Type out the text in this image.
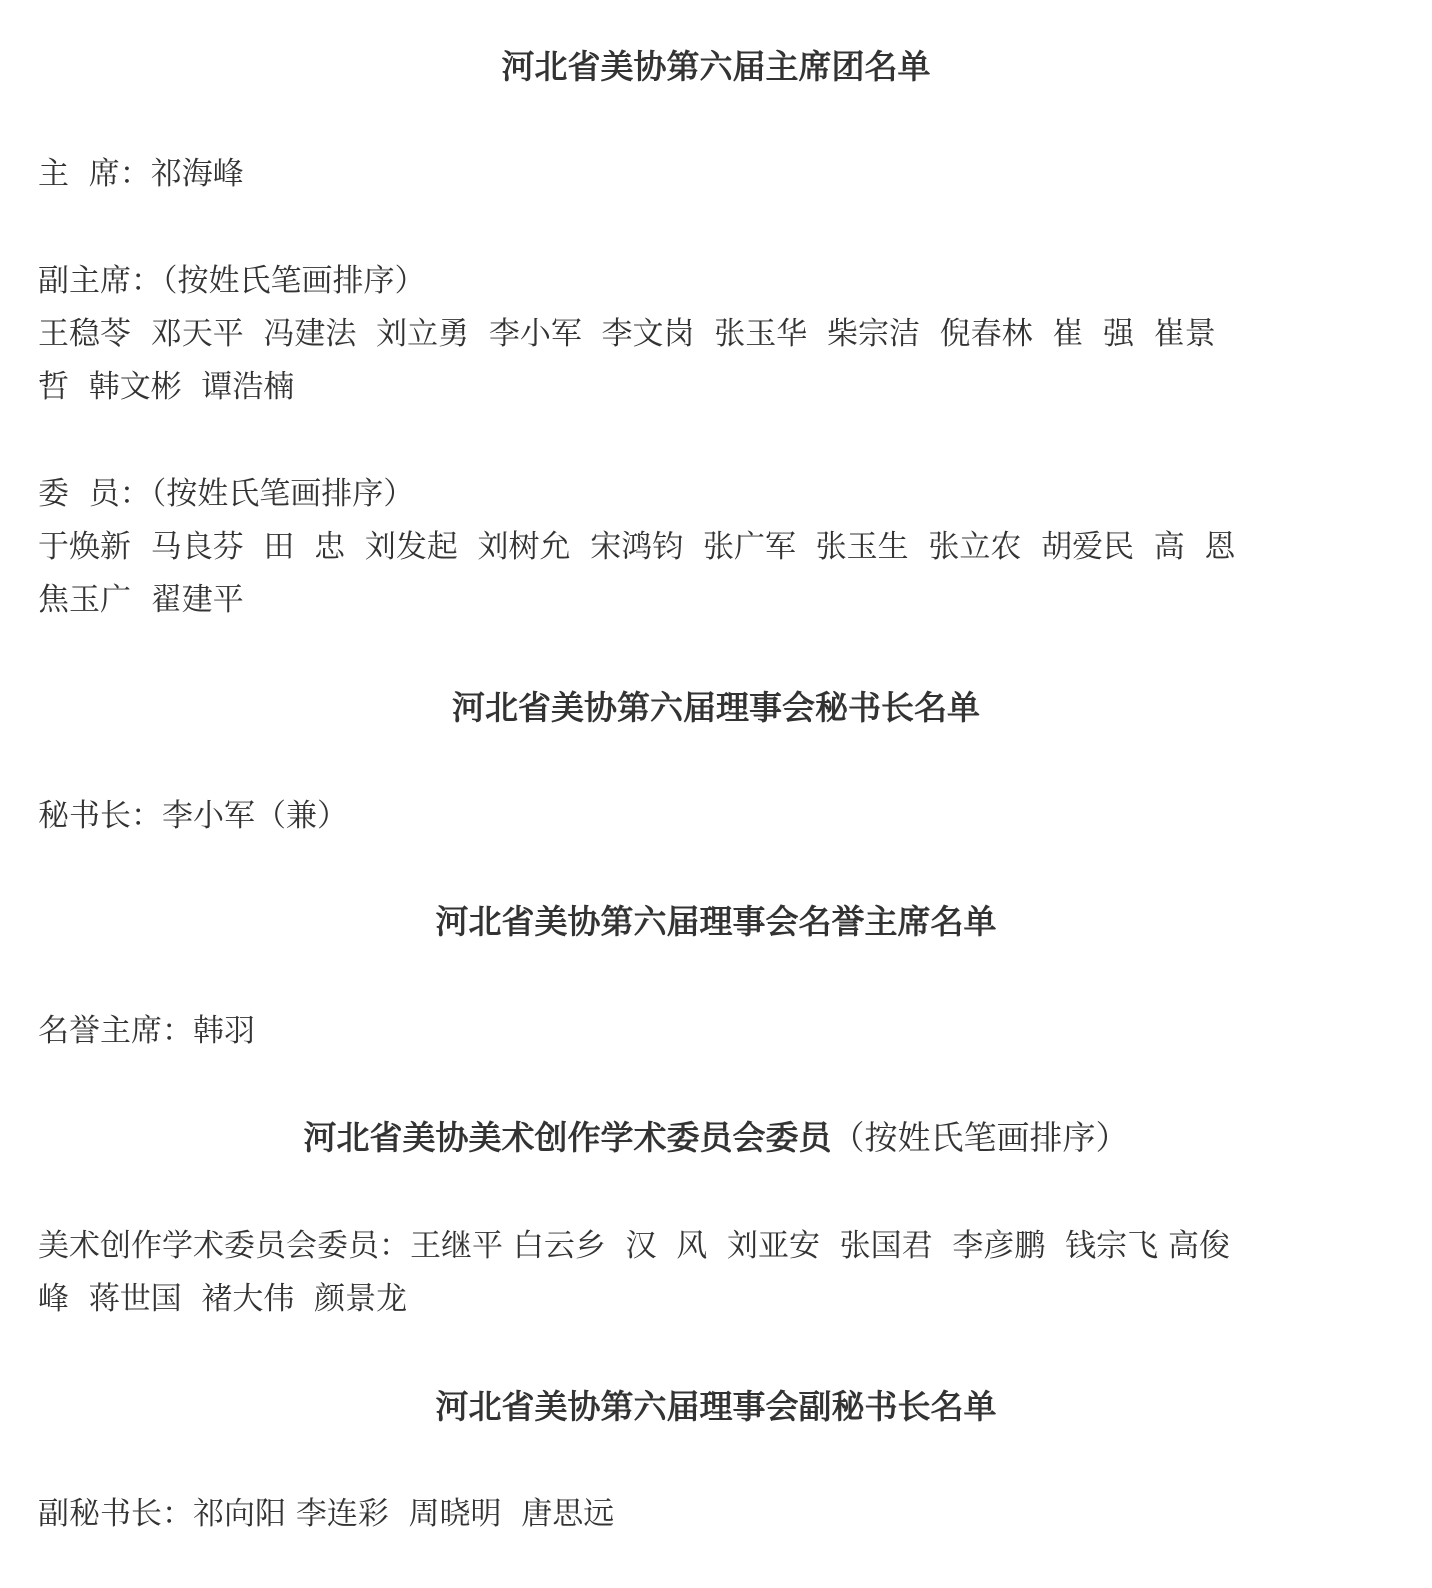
河北省美协第六届主席团名单
主  席：祁海峰
副主席：（按姓氏笔画排序）
王稳苓  邓天平  冯建法  刘立勇  李小军  李文岗  张玉华  柴宗洁  倪春林  崔  强  崔景
哲  韩文彬  谭浩楠
委  员：（按姓氏笔画排序）
于焕新  马良芬  田  忠  刘发起  刘树允  宋鸿钧  张广军  张玉生  张立农  胡爱民  高  恩
焦玉广  翟建平
河北省美协第六届理事会秘书长名单
秘书长：李小军（兼）
河北省美协第六届理事会名誉主席名单
名誉主席：韩羽
河北省美协美术创作学术委员会委员（按姓氏笔画排序）
美术创作学术委员会委员：王继平 白云乡  汉  风  刘亚安  张国君  李彦鹏  钱宗飞 高俊
峰  蒋世国  褚大伟  颜景龙
河北省美协第六届理事会副秘书长名单
副秘书长：祁向阳 李连彩  周晓明  唐思远
